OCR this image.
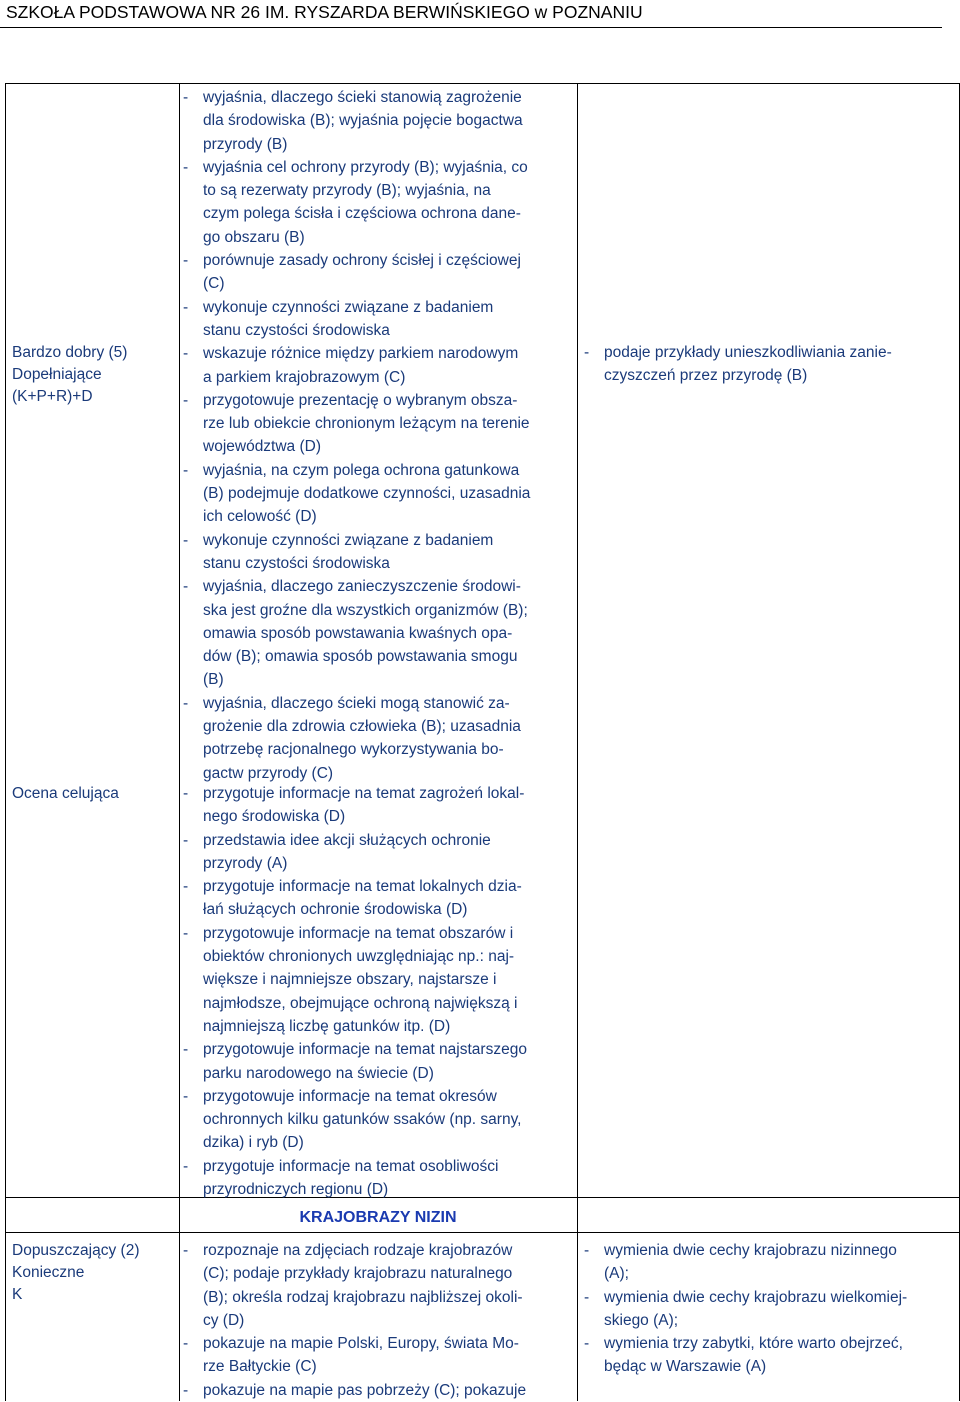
SZKOŁA PODSTAWOWA NR 26 IM. RYSZARDA BERWIŃSKIEGO w POZNANIU
Bardzo dobry (5)
Dopełniające
(K+P+R)+D
Ocena celująca
Dopuszczający (2)
Konieczne
K
KRAJOBRAZY NIZIN
- wyjaśnia, dlaczego ścieki stanowią zagrożenie
dla środowiska (B); wyjaśnia pojęcie bogactwa
przyrody (B)
- wyjaśnia cel ochrony przyrody (B); wyjaśnia, co
to są rezerwaty przyrody (B); wyjaśnia, na
czym polega ścisła i częściowa ochrona dane-
go obszaru (B)
- porównuje zasady ochrony ścisłej i częściowej
(C)
- wykonuje czynności związane z badaniem
stanu czystości środowiska
- wskazuje różnice między parkiem narodowym
a parkiem krajobrazowym (C)
- przygotowuje prezentację o wybranym obsza-
rze lub obiekcie chronionym leżącym na terenie
województwa (D)
- wyjaśnia, na czym polega ochrona gatunkowa
(B) podejmuje dodatkowe czynności, uzasadnia
ich celowość (D)
- wykonuje czynności związane z badaniem
stanu czystości środowiska
- wyjaśnia, dlaczego zanieczyszczenie środowi-
ska jest groźne dla wszystkich organizmów (B);
omawia sposób powstawania kwaśnych opa-
dów (B); omawia sposób powstawania smogu
(B)
- wyjaśnia, dlaczego ścieki mogą stanowić za-
grożenie dla zdrowia człowieka (B); uzasadnia
potrzebę racjonalnego wykorzystywania bo-
gactw przyrody (C)
- podaje przykłady unieszkodliwiania zanie-
czyszczeń przez przyrodę (B)
- przygotuje informacje na temat zagrożeń lokal-
nego środowiska (D)
- przedstawia idee akcji służących ochronie
przyrody (A)
- przygotuje informacje na temat lokalnych dzia-
łań służących ochronie środowiska (D)
- przygotowuje informacje na temat obszarów i
obiektów chronionych uwzględniając np.: naj-
większe i najmniejsze obszary, najstarsze i
najmłodsze, obejmujące ochroną największą i
najmniejszą liczbę gatunków itp. (D)
- przygotowuje informacje na temat najstarszego
parku narodowego na świecie (D)
- przygotowuje informacje na temat okresów
ochronnych kilku gatunków ssaków (np. sarny,
dzika) i ryb (D)
- przygotuje informacje na temat osobliwości
przyrodniczych regionu (D)
- rozpoznaje na zdjęciach rodzaje krajobrazów
(C); podaje przykłady krajobrazu naturalnego
(B); określa rodzaj krajobrazu najbliższej okoli-
cy (D)
- pokazuje na mapie Polski, Europy, świata Mo-
rze Bałtyckie (C)
- pokazuje na mapie pas pobrzeży (C); pokazuje
- wymienia dwie cechy krajobrazu nizinnego
(A);
- wymienia dwie cechy krajobrazu wielkomiej-
skiego (A);
- wymienia trzy zabytki, które warto obejrzeć,
będąc w Warszawie (A)
